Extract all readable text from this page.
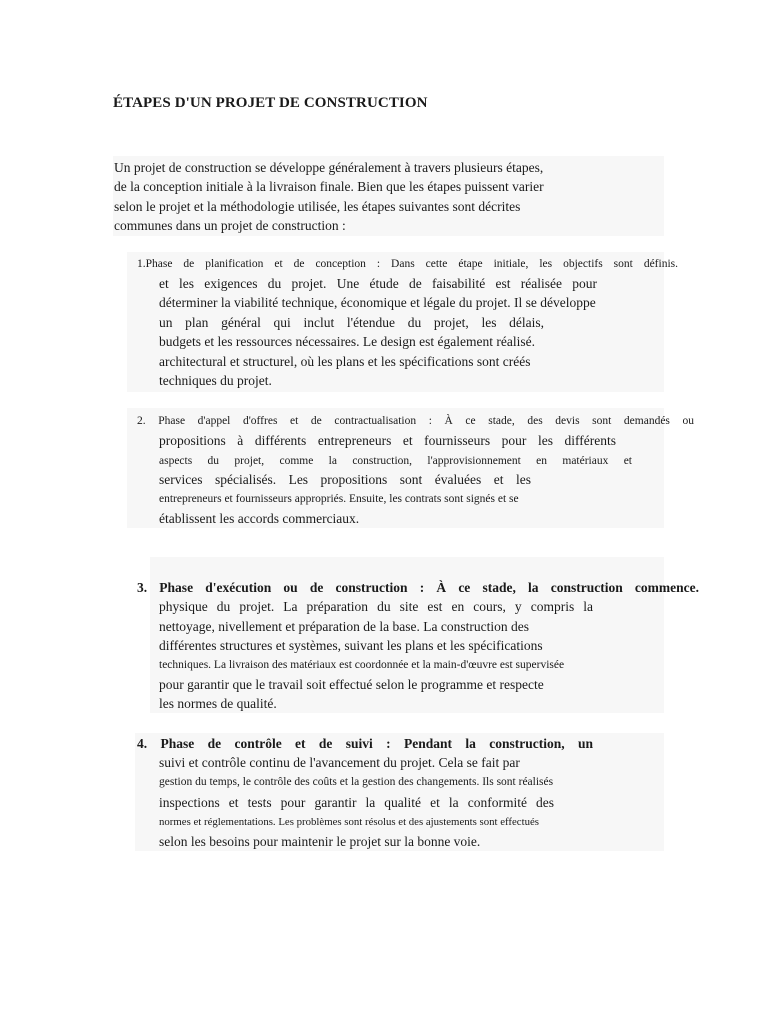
ÉTAPES D'UN PROJET DE CONSTRUCTION
Un projet de construction se développe généralement à travers plusieurs étapes,
de la conception initiale à la livraison finale. Bien que les étapes puissent varier
selon le projet et la méthodologie utilisée, les étapes suivantes sont décrites
communes dans un projet de construction :
1.Phase de planification et de conception : Dans cette étape initiale, les objectifs sont définis.
et les exigences du projet. Une étude de faisabilité est réalisée pour
déterminer la viabilité technique, économique et légale du projet. Il se développe
un plan général qui inclut l'étendue du projet, les délais,
budgets et les ressources nécessaires. Le design est également réalisé.
architectural et structurel, où les plans et les spécifications sont créés
techniques du projet.
2. Phase d'appel d'offres et de contractualisation : À ce stade, des devis sont demandés ou
propositions à différents entrepreneurs et fournisseurs pour les différents
aspects du projet, comme la construction, l'approvisionnement en matériaux et
services spécialisés. Les propositions sont évaluées et les
entrepreneurs et fournisseurs appropriés. Ensuite, les contrats sont signés et se
établissent les accords commerciaux.
3. Phase d'exécution ou de construction : À ce stade, la construction commence.
physique du projet. La préparation du site est en cours, y compris la
nettoyage, nivellement et préparation de la base. La construction des
différentes structures et systèmes, suivant les plans et les spécifications
techniques. La livraison des matériaux est coordonnée et la main-d'œuvre est supervisée
pour garantir que le travail soit effectué selon le programme et respecte
les normes de qualité.
4. Phase de contrôle et de suivi : Pendant la construction, un
suivi et contrôle continu de l'avancement du projet. Cela se fait par
gestion du temps, le contrôle des coûts et la gestion des changements. Ils sont réalisés
inspections et tests pour garantir la qualité et la conformité des
normes et réglementations. Les problèmes sont résolus et des ajustements sont effectués
selon les besoins pour maintenir le projet sur la bonne voie.
